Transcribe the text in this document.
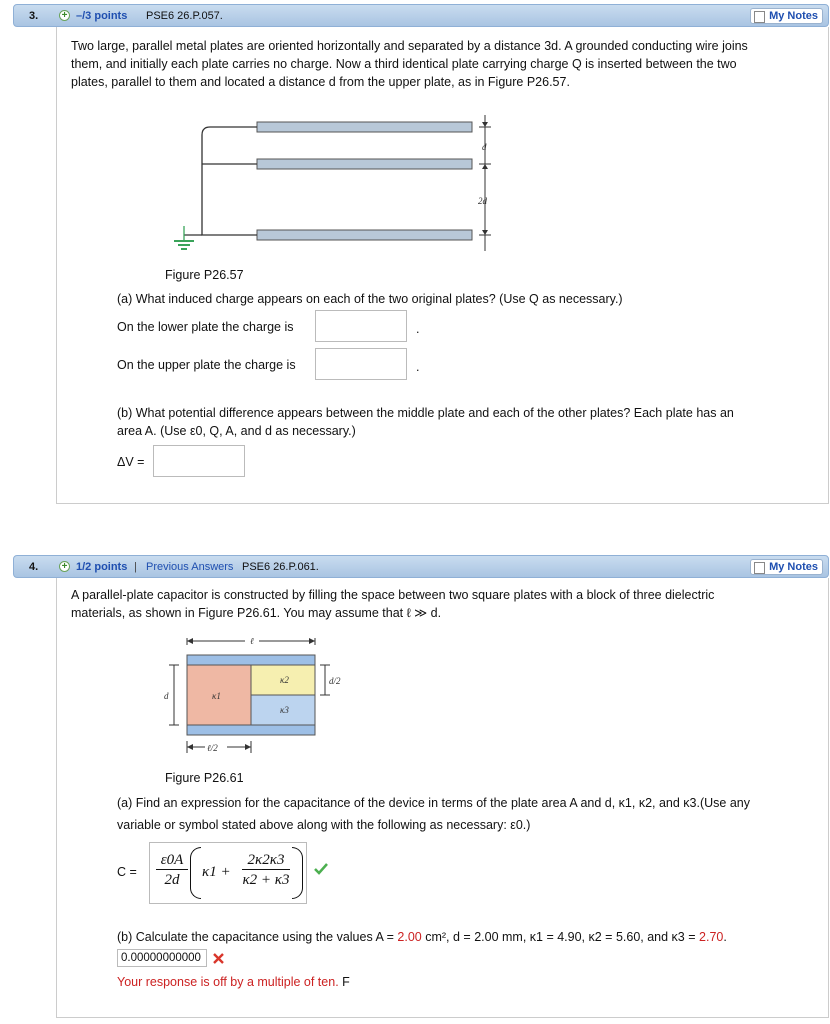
3. + –/3 points PSE6 26.P.057.	My Notes
Two large, parallel metal plates are oriented horizontally and separated by a distance 3d. A grounded conducting wire joins
them, and initially each plate carries no charge. Now a third identical plate carrying charge Q is inserted between the two
plates, parallel to them and located a distance d from the upper plate, as in Figure P26.57.
d
2d
Figure P26.57
(a) What induced charge appears on each of the two original plates? (Use Q as necessary.)
On the lower plate the charge is	.
On the upper plate the charge is	.
(b) What potential difference appears between the middle plate and each of the other plates? Each plate has an
area A. (Use ε0, Q, A, and d as necessary.)
ΔV =
4. + 1/2 points | Previous Answers PSE6 26.P.061.	My Notes
A parallel-plate capacitor is constructed by filling the space between two square plates with a block of three dielectric
materials, as shown in Figure P26.61. You may assume that ℓ ≫ d.
ℓ
κ1
κ2
κ3
d
d/2
ℓ/2
Figure P26.61
(a) Find an expression for the capacitance of the device in terms of the plate area A and d, κ1, κ2, and κ3.(Use any
variable or symbol stated above along with the following as necessary: ε0.)
C =
ε0A
2d	κ1 +
2κ2κ3
κ2 + κ3
(b) Calculate the capacitance using the values A = 2.00 cm², d = 2.00 mm, κ1 = 4.90, κ2 = 5.60, and κ3 = 2.70.
0.00000000000
Your response is off by a multiple of ten. F
